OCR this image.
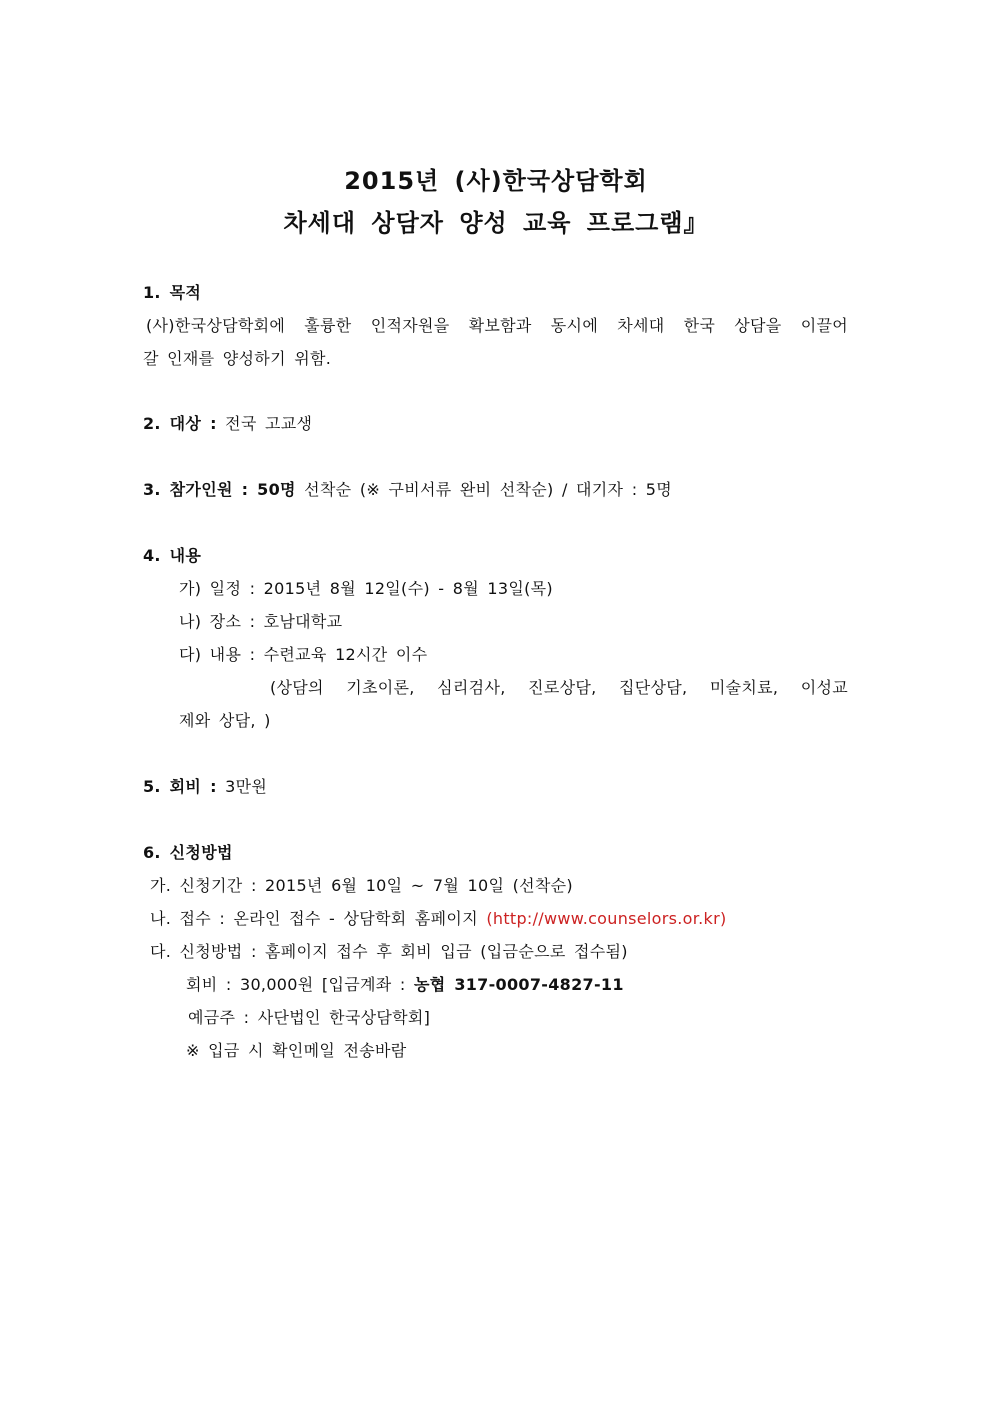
2015년 (사)한국상담학회
차세대 상담자 양성 교육 프로그램』
1. 목적
(사)한국상담학회에 훌륭한 인적자원을 확보함과 동시에 차세대 한국 상담을 이끌어
갈 인재를 양성하기 위함.
2. 대상 : 전국 고교생
3. 참가인원 : 50명 선착순 (※ 구비서류 완비 선착순) / 대기자 : 5명
4. 내용
가) 일정 : 2015년 8월 12일(수) - 8월 13일(목)
나) 장소 : 호남대학교
다) 내용 : 수련교육 12시간 이수
(상담의 기초이론, 심리검사, 진로상담, 집단상담, 미술치료, 이성교
제와 상담, )
5. 회비 : 3만원
6. 신청방법
가. 신청기간 : 2015년 6월 10일 ~ 7월 10일 (선착순)
나. 접수 : 온라인 접수 - 상담학회 홈페이지 (http://www.counselors.or.kr)
다. 신청방법 : 홈페이지 접수 후 회비 입금 (입금순으로 접수됨)
회비 : 30,000원 [입금계좌 : 농협 317-0007-4827-11
예금주 : 사단법인 한국상담학회]
※ 입금 시 확인메일 전송바람
